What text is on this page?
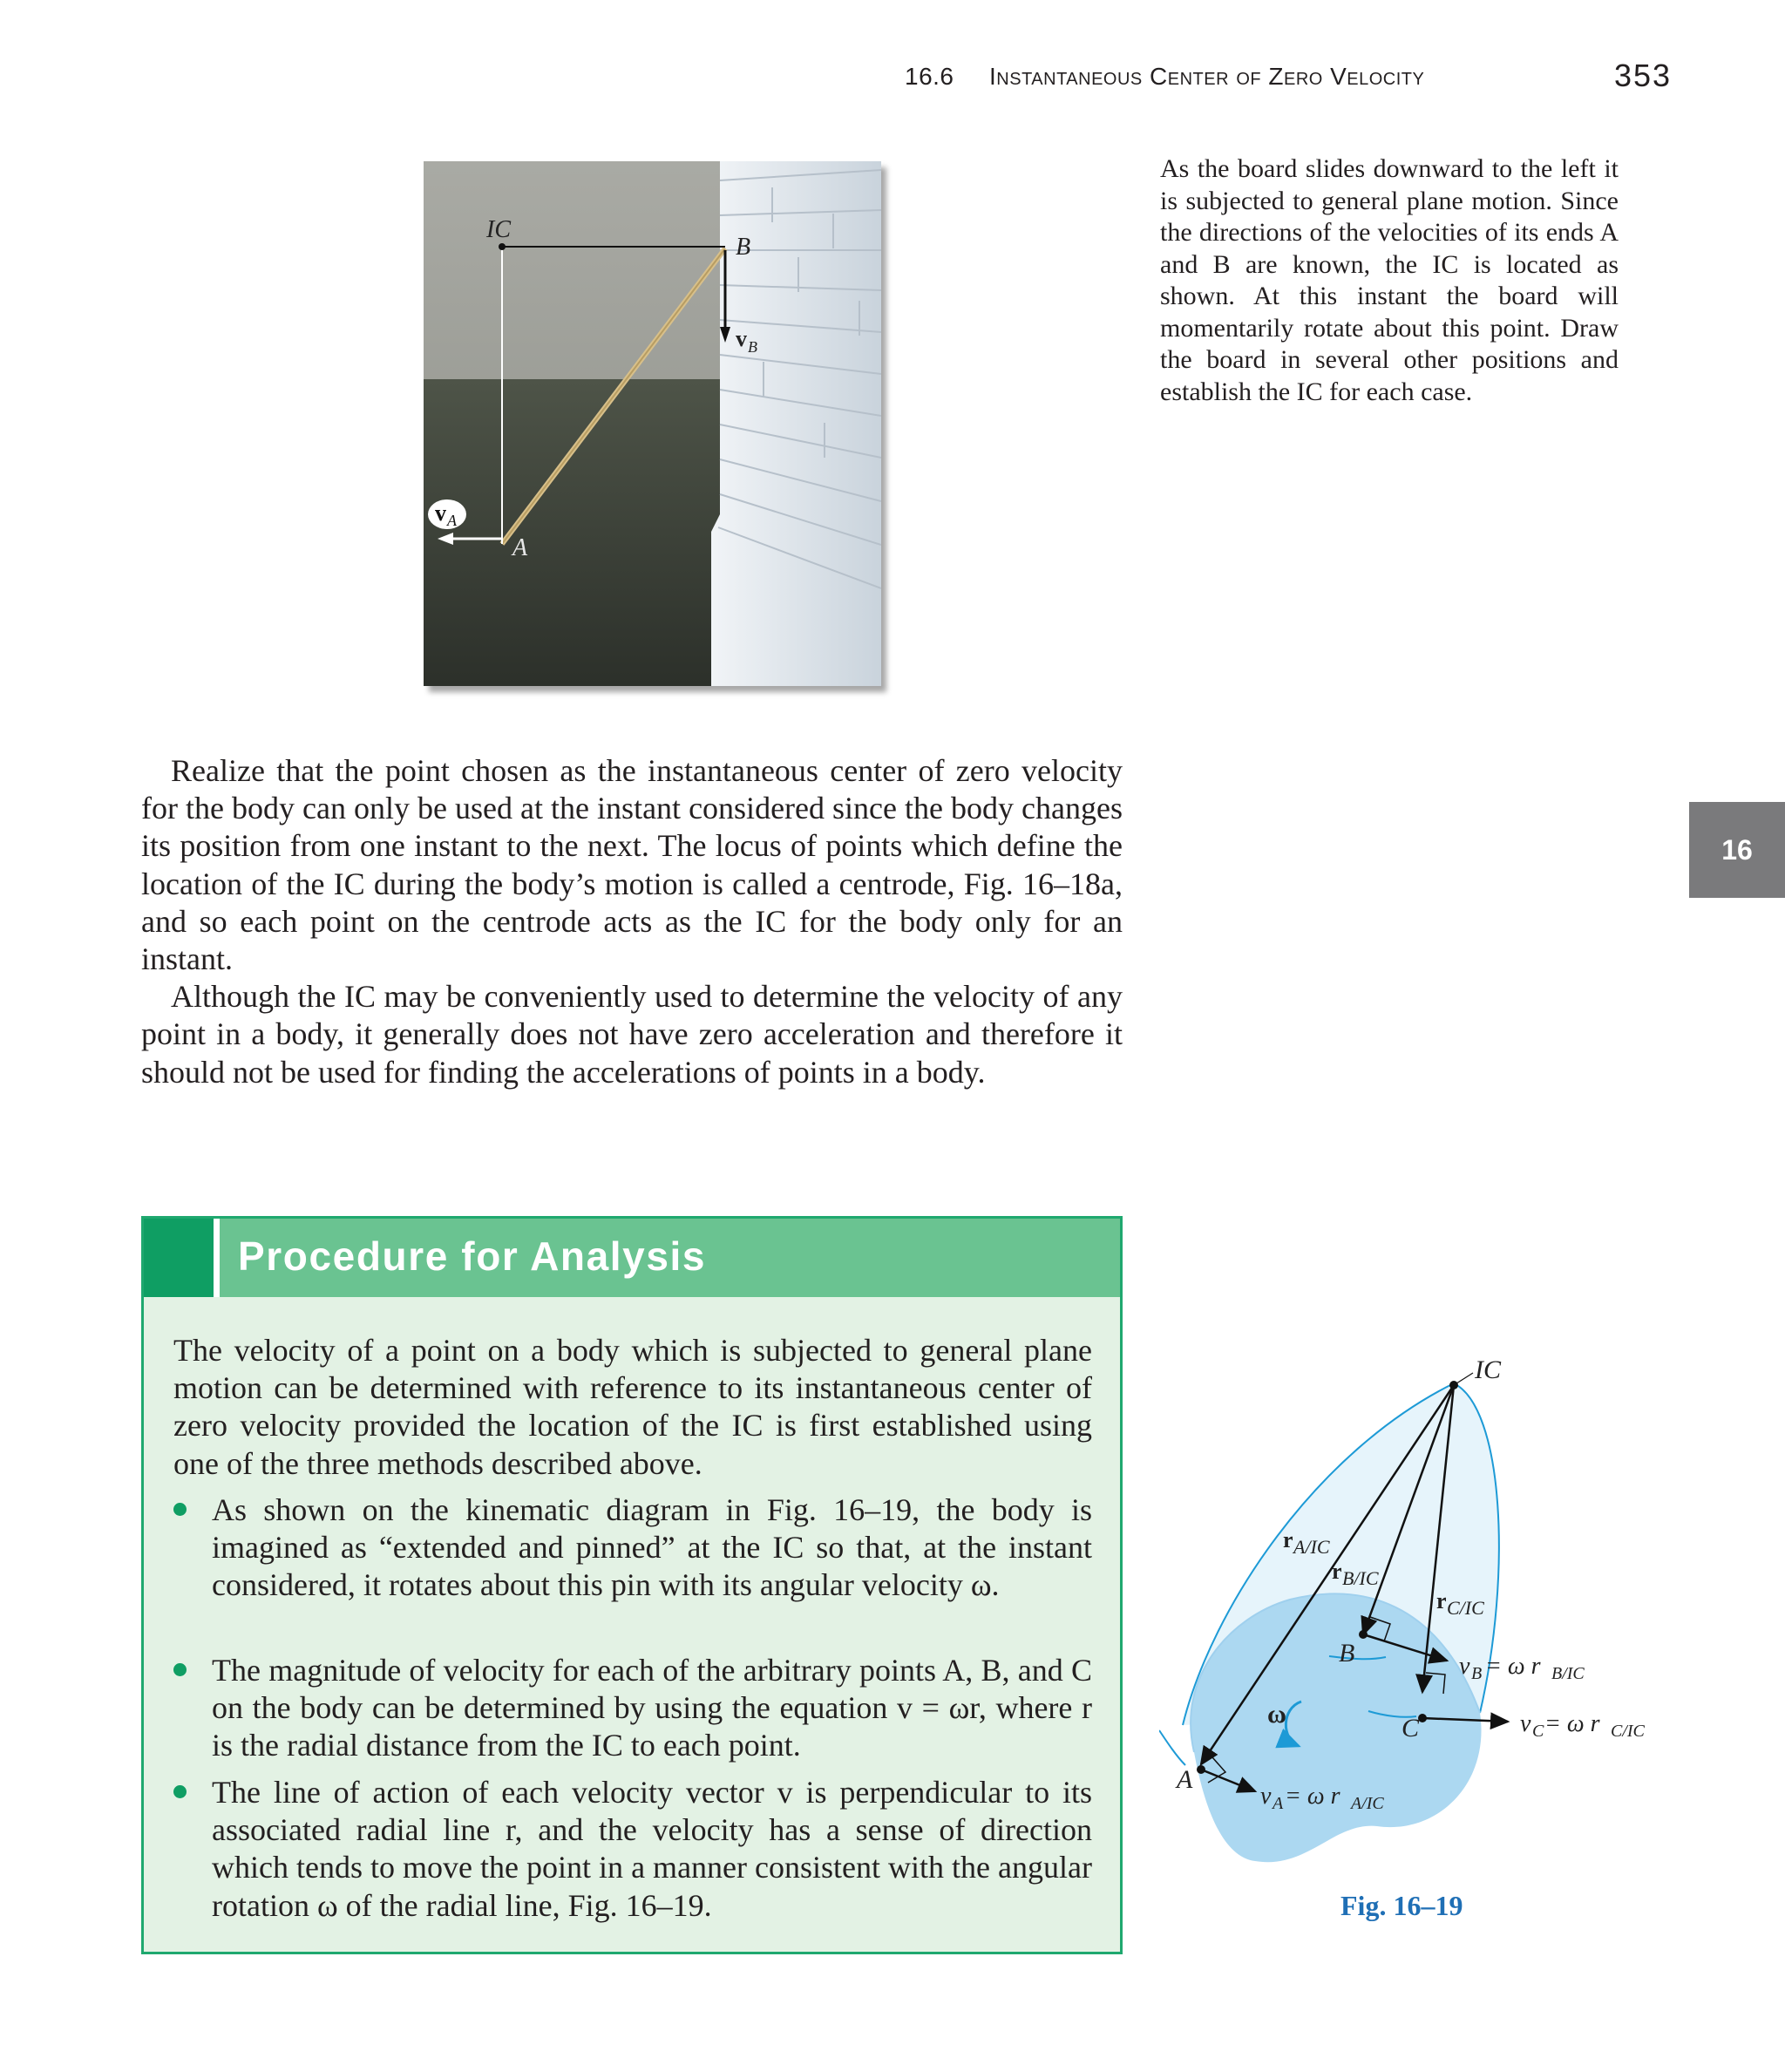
16.6 Instantaneous Center of Zero Velocity	353
IC
B
v B
v A
A
As the board slides downward to the left it is subjected to general plane motion. Since the directions of the velocities of its ends A and B are known, the IC is located as shown. At this instant the board will momentarily rotate about this point. Draw the board in several other positions and establish the IC for each case.
16

Realize that the point chosen as the instantaneous center of zero velocity for the body can only be used at the instant considered since the body changes its position from one instant to the next. The locus of points which define the location of the IC during the body’s motion is called a centrode, Fig. 16–18a, and so each point on the centrode acts as the IC for the body only for an instant.

Although the IC may be conveniently used to determine the velocity of any point in a body, it generally does not have zero acceleration and therefore it should not be used for finding the accelerations of points in a body.

Procedure for Analysis
The velocity of a point on a body which is subjected to general plane motion can be determined with reference to its instantaneous center of zero velocity provided the location of the IC is first established using one of the three methods described above.
As shown on the kinematic diagram in Fig. 16–19, the body is imagined as “extended and pinned” at the IC so that, at the instant considered, it rotates about this pin with its angular velocity ω.
The magnitude of velocity for each of the arbitrary points A, B, and C on the body can be determined by using the equation v = ωr, where r is the radial distance from the IC to each point.
The line of action of each velocity vector v is perpendicular to its associated radial line r, and the velocity has a sense of direction which tends to move the point in a manner consistent with the angular rotation ω of the radial line, Fig. 16–19.
IC
r A/IC
r B/IC
r C/IC
B
C
A
ω
v B = ω r B/IC
v C = ω r C/IC
v A = ω r A/IC
Fig. 16–19
